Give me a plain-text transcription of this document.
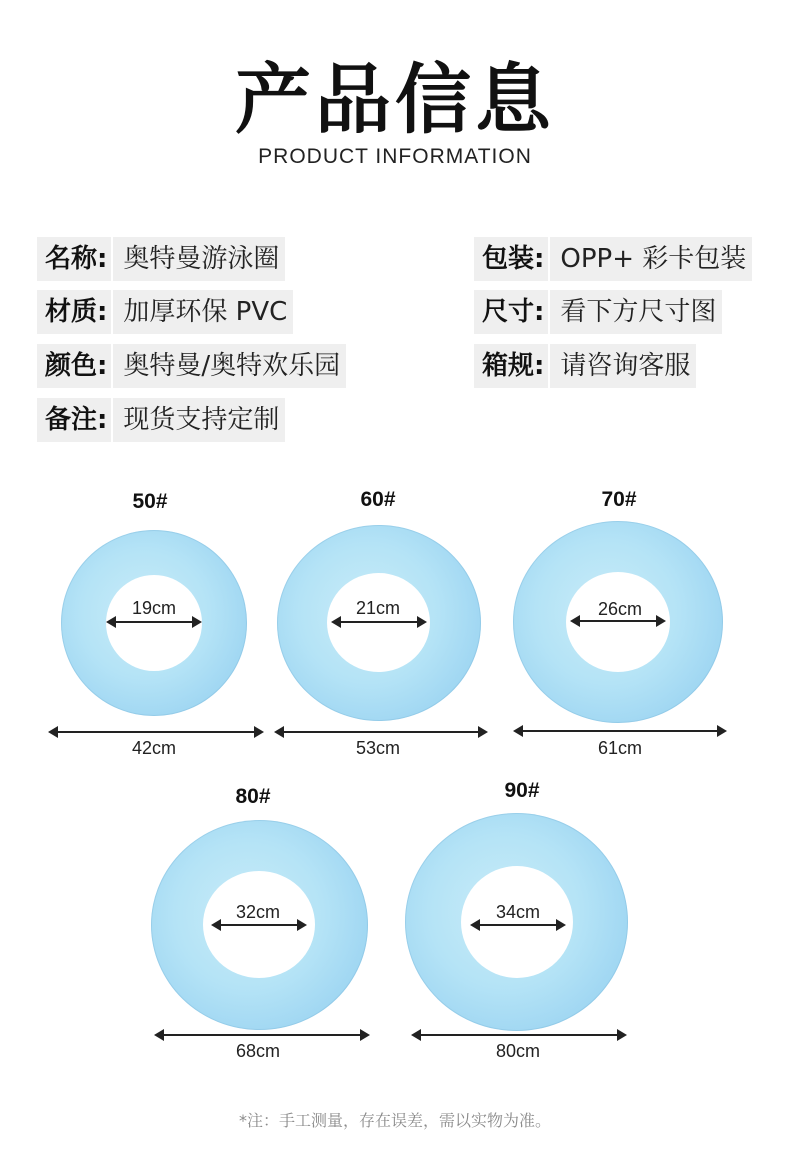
产品信息
PRODUCT INFORMATION
名称: 奥特曼游泳圈	包装: OPP+ 彩卡包装
材质: 加厚环保 PVC	尺寸: 看下方尺寸图
颜色: 奥特曼/奥特欢乐园	箱规: 请咨询客服
备注: 现货支持定制
50#
19cm
42cm
60#
21cm
53cm
70#
26cm
61cm
80#
32cm
68cm
90#
34cm
80cm
*注：手工测量，存在误差，需以实物为准。
